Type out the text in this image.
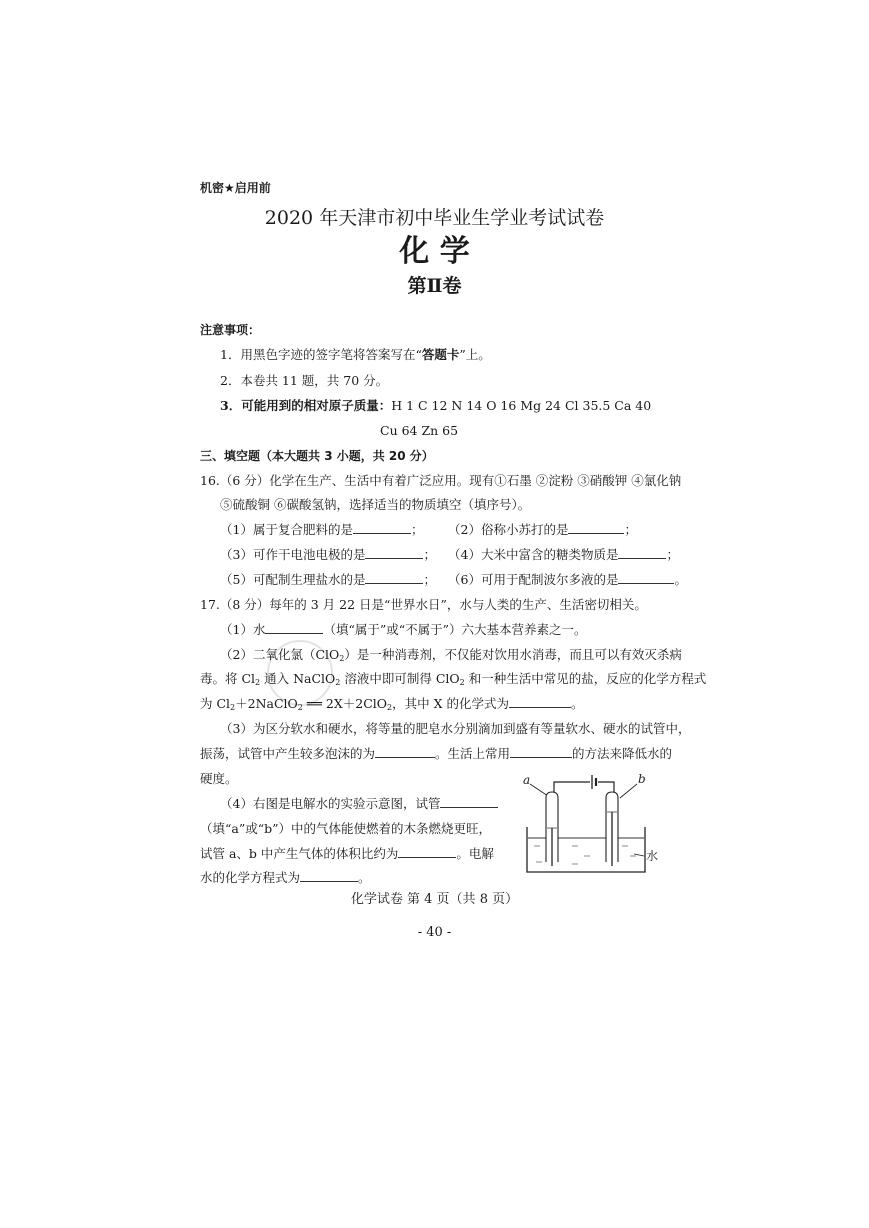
机密★启用前
2020 年天津市初中毕业生学业考试试卷
化 学
第Ⅱ卷
注意事项：
1．用黑色字迹的签字笔将答案写在“答题卡”上。
2．本卷共 11 题，共 70 分。
3．可能用到的相对原子质量：H 1 C 12 N 14 O 16 Mg 24 Cl 35.5 Ca 40
Cu 64 Zn 65
三、填空题（本大题共 3 小题，共 20 分）
16.（6 分）化学在生产、生活中有着广泛应用。现有①石墨 ②淀粉 ③硝酸钾 ④氯化钠
⑤硫酸铜 ⑥碳酸氢钠，选择适当的物质填空（填序号）。
（1）属于复合肥料的是	； （2）俗称小苏打的是	；
（3）可作干电池电极的是	； （4）大米中富含的糖类物质是	；
（5）可配制生理盐水的是	； （6）可用于配制波尔多液的是	。
17.（8 分）每年的 3 月 22 日是“世界水日”，水与人类的生产、生活密切相关。
（1）水	（填“属于”或“不属于”）六大基本营养素之一。
（2）二氧化氯（ClO$_2$）是一种消毒剂，不仅能对饮用水消毒，而且可以有效灭杀病
毒。将 $Cl_2$ 通入 NaClO$_2$ 溶液中即可制得 ClO$_2$ 和一种生活中常见的盐，反应的化学方程式
为 $Cl_2+2NaClO_2$ ══ 2X＋2ClO$_2$，其中 X 的化学式为	。
（3）为区分软水和硬水，将等量的肥皂水分别滴加到盛有等量软水、硬水的试管中，
振荡，试管中产生较多泡沫的为	。生活上常用	的方法来降低水的
硬度。
（4）右图是电解水的实验示意图，试管
（填“a”或“b”）中的气体能使燃着的木条燃烧更旺，
试管 a、b 中产生气体的体积比约为	。电解
水的化学方程式为	。
a	b
水
化学试卷 第 4 页（共 8 页）
- 40 -
